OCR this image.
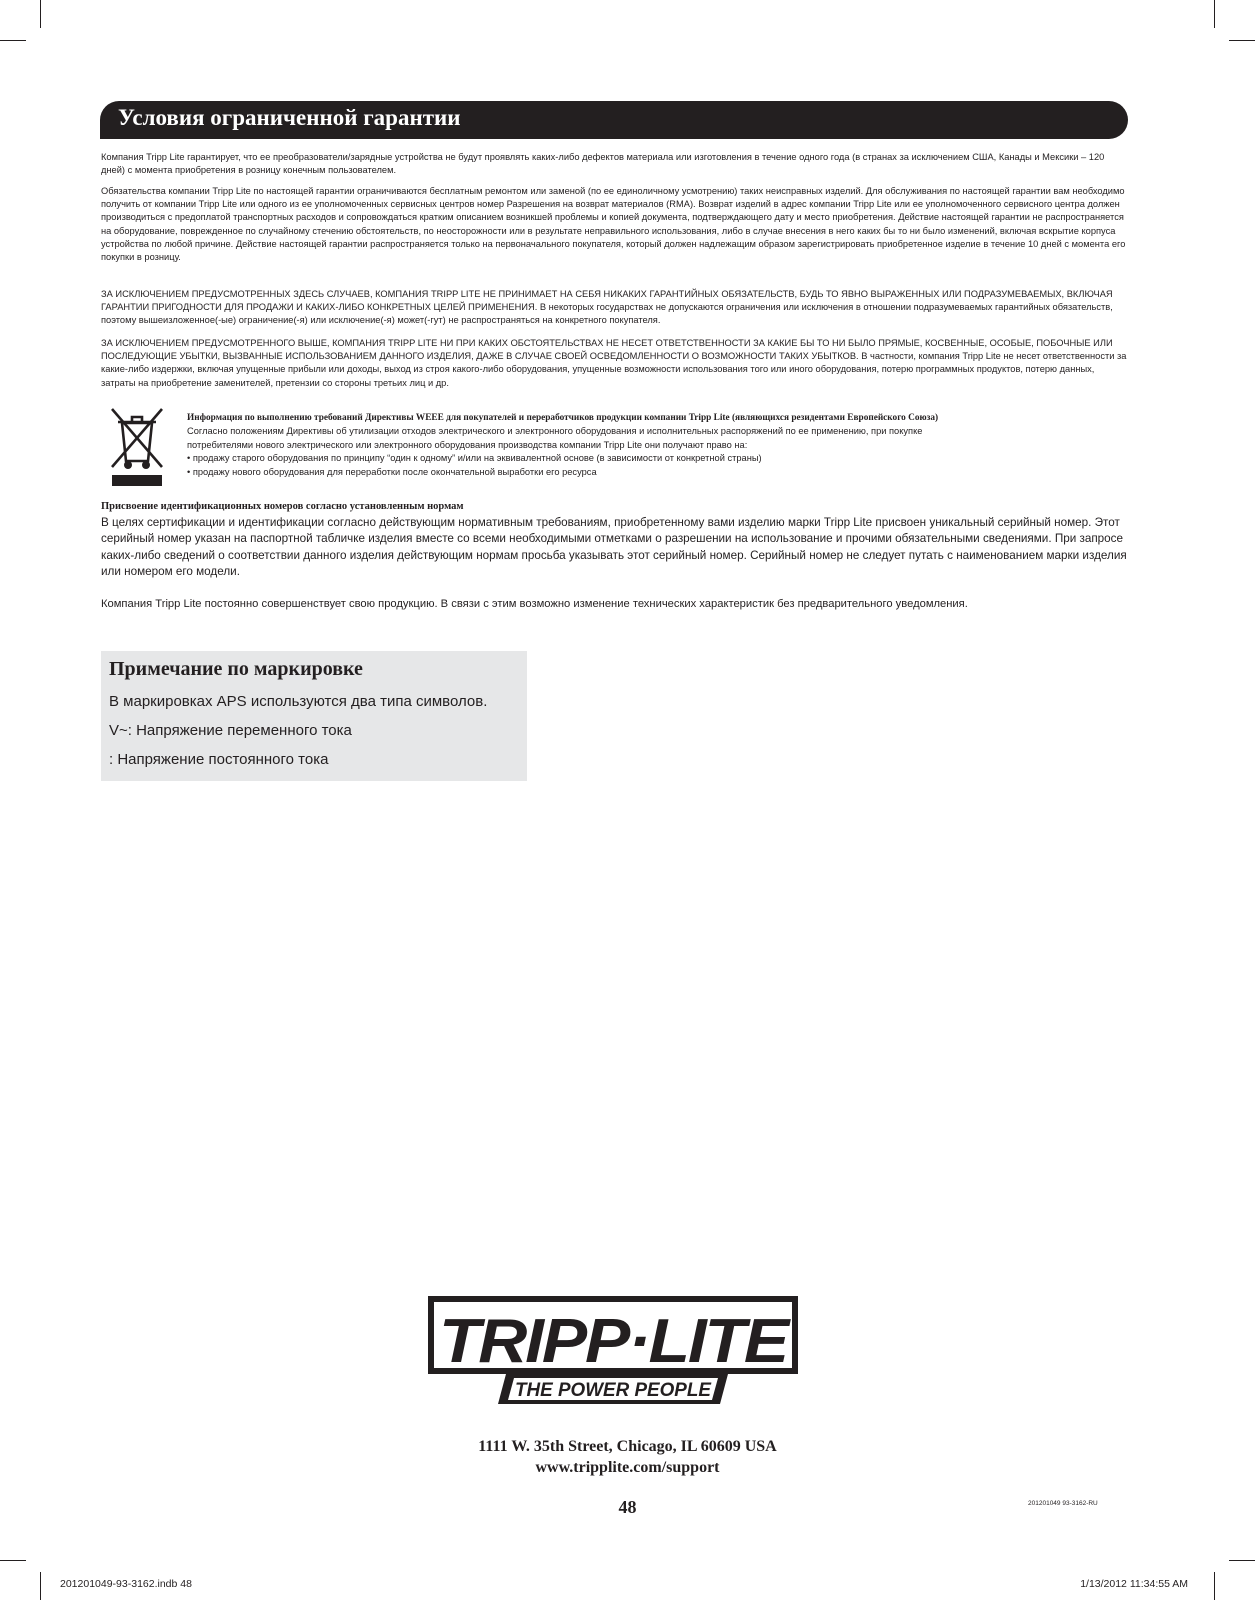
Условия ограниченной гарантии

Компания Tripp Lite гарантирует, что ее преобразователи/зарядные устройства не будут проявлять каких-либо дефектов материала или изготовления в течение одного года (в странах за исключением США, Канады и Мексики – 120 дней) с момента приобретения в розницу конечным пользователем.

Обязательства компании Tripp Lite по настоящей гарантии ограничиваются бесплатным ремонтом или заменой (по ее единоличному усмотрению) таких неисправных изделий. Для обслуживания по настоящей гарантии вам необходимо получить от компании Tripp Lite или одного из ее уполномоченных сервисных центров номер Разрешения на возврат материалов (RMA). Возврат изделий в адрес компании Tripp Lite или ее уполномоченного сервисного центра должен производиться с предоплатой транспортных расходов и сопровождаться кратким описанием возникшей проблемы и копией документа, подтверждающего дату и место приобретения. Действие настоящей гарантии не распространяется на оборудование, поврежденное по случайному стечению обстоятельств, по неосторожности или в результате неправильного использования, либо в случае внесения в него каких бы то ни было изменений, включая вскрытие корпуса устройства по любой причине. Действие настоящей гарантии распространяется только на первоначального покупателя, который должен надлежащим образом зарегистрировать приобретенное изделие в течение 10 дней с момента его покупки в розницу.

ЗА ИСКЛЮЧЕНИЕМ ПРЕДУСМОТРЕННЫХ ЗДЕСЬ СЛУЧАЕВ, КОМПАНИЯ TRIPP LITE НЕ ПРИНИМАЕТ НА СЕБЯ НИКАКИХ ГАРАНТИЙНЫХ ОБЯЗАТЕЛЬСТВ, БУДЬ ТО ЯВНО ВЫРАЖЕННЫХ ИЛИ ПОДРАЗУМЕВАЕМЫХ, ВКЛЮЧАЯ ГАРАНТИИ ПРИГОДНОСТИ ДЛЯ ПРОДАЖИ И КАКИХ-ЛИБО КОНКРЕТНЫХ ЦЕЛЕЙ ПРИМЕНЕНИЯ. В некоторых государствах не допускаются ограничения или исключения в отношении подразумеваемых гарантийных обязательств, поэтому вышеизложенное(-ые) ограничение(-я) или исключение(-я) может(-гут) не распространяться на конкретного покупателя.

ЗА ИСКЛЮЧЕНИЕМ ПРЕДУСМОТРЕННОГО ВЫШЕ, КОМПАНИЯ TRIPP LITE НИ ПРИ КАКИХ ОБСТОЯТЕЛЬСТВАХ НЕ НЕСЕТ ОТВЕТСТВЕННОСТИ ЗА КАКИЕ БЫ ТО НИ БЫЛО ПРЯМЫЕ, КОСВЕННЫЕ, ОСОБЫЕ, ПОБОЧНЫЕ ИЛИ ПОСЛЕДУЮЩИЕ УБЫТКИ, ВЫЗВАННЫЕ ИСПОЛЬЗОВАНИЕМ ДАННОГО ИЗДЕЛИЯ, ДАЖЕ В СЛУЧАЕ СВОЕЙ ОСВЕДОМЛЕННОСТИ О ВОЗМОЖНОСТИ ТАКИХ УБЫТКОВ. В частности, компания Tripp Lite не несет ответственности за какие-либо издержки, включая упущенные прибыли или доходы, выход из строя какого-либо оборудования, упущенные возможности использования того или иного оборудования, потерю программных продуктов, потерю данных, затраты на приобретение заменителей, претензии со стороны третьих лиц и др.

Информация по выполнению требований Директивы WEEE для покупателей и переработчиков продукции компании Tripp Lite (являющихся резидентами Европейского Союза)
Согласно положениям Директивы об утилизации отходов электрического и электронного оборудования и исполнительных распоряжений по ее применению, при покупке
потребителями нового электрического или электронного оборудования производства компании Tripp Lite они получают право на:
• продажу старого оборудования по принципу “один к одному” и/или на эквивалентной основе (в зависимости от конкретной страны)
• продажу нового оборудования для переработки после окончательной выработки его ресурса

Присвоение идентификационных номеров согласно установленным нормам

В целях сертификации и идентификации согласно действующим нормативным требованиям, приобретенному вами изделию марки Tripp Lite присвоен уникальный серийный номер. Этот серийный номер указан на паспортной табличке изделия вместе со всеми необходимыми отметками о разрешении на использование и прочими обязательными сведениями. При запросе каких-либо сведений о соответствии данного изделия действующим нормам просьба указывать этот серийный номер. Серийный номер не следует путать с наименованием марки изделия или номером его модели.

Компания Tripp Lite постоянно совершенствует свою продукцию. В связи с этим возможно изменение технических характеристик без предварительного уведомления.

Примечание по маркировке
В маркировках APS используются два типа символов.
V~: Напряжение переменного тока
: Напряжение постоянного тока
TRIPP·LITE
THE POWER PEOPLE
1111 W. 35th Street, Chicago, IL 60609 USA
www.tripplite.com/support
48	201201049 93-3162-RU
201201049-93-3162.indb 48	1/13/2012 11:34:55 AM
